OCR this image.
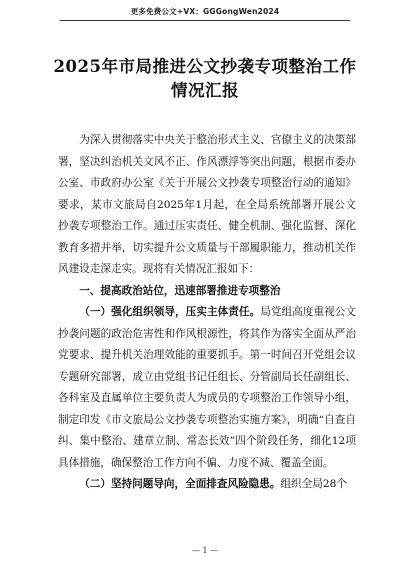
更多免费公文+VX：GGGongWen2024
2025年市局推进公文抄袭专项整治工作
情况汇报

为深入贯彻落实中央关于整治形式主义、官僚主义的决策部署，坚决纠治机关文风不正、作风漂浮等突出问题，根据市委办公室、市政府办公室《关于开展公文抄袭专项整治行动的通知》要求，某市文旅局自2025年1月起，在全局系统部署开展公文抄袭专项整治工作。通过压实责任、健全机制、强化监督、深化教育多措并举，切实提升公文质量与干部履职能力，推动机关作风建设走深走实。现将有关情况汇报如下：

一、提高政治站位，迅速部署推进专项整治

（一）强化组织领导，压实主体责任。局党组高度重视公文抄袭问题的政治危害性和作风根源性，将其作为落实全面从严治党要求、提升机关治理效能的重要抓手。第一时间召开党组会议专题研究部署，成立由党组书记任组长、分管副局长任副组长、各科室及直属单位主要负责人为成员的专项整治工作领导小组，制定印发《市文旅局公文抄袭专项整治实施方案》，明确“自查自纠、集中整治、建章立制、常态长效”四个阶段任务，细化12项具体措施，确保整治工作方向不偏、力度不减、覆盖全面。

（二）坚持问题导向，全面排查风险隐患。组织全局28个

— 1 —
